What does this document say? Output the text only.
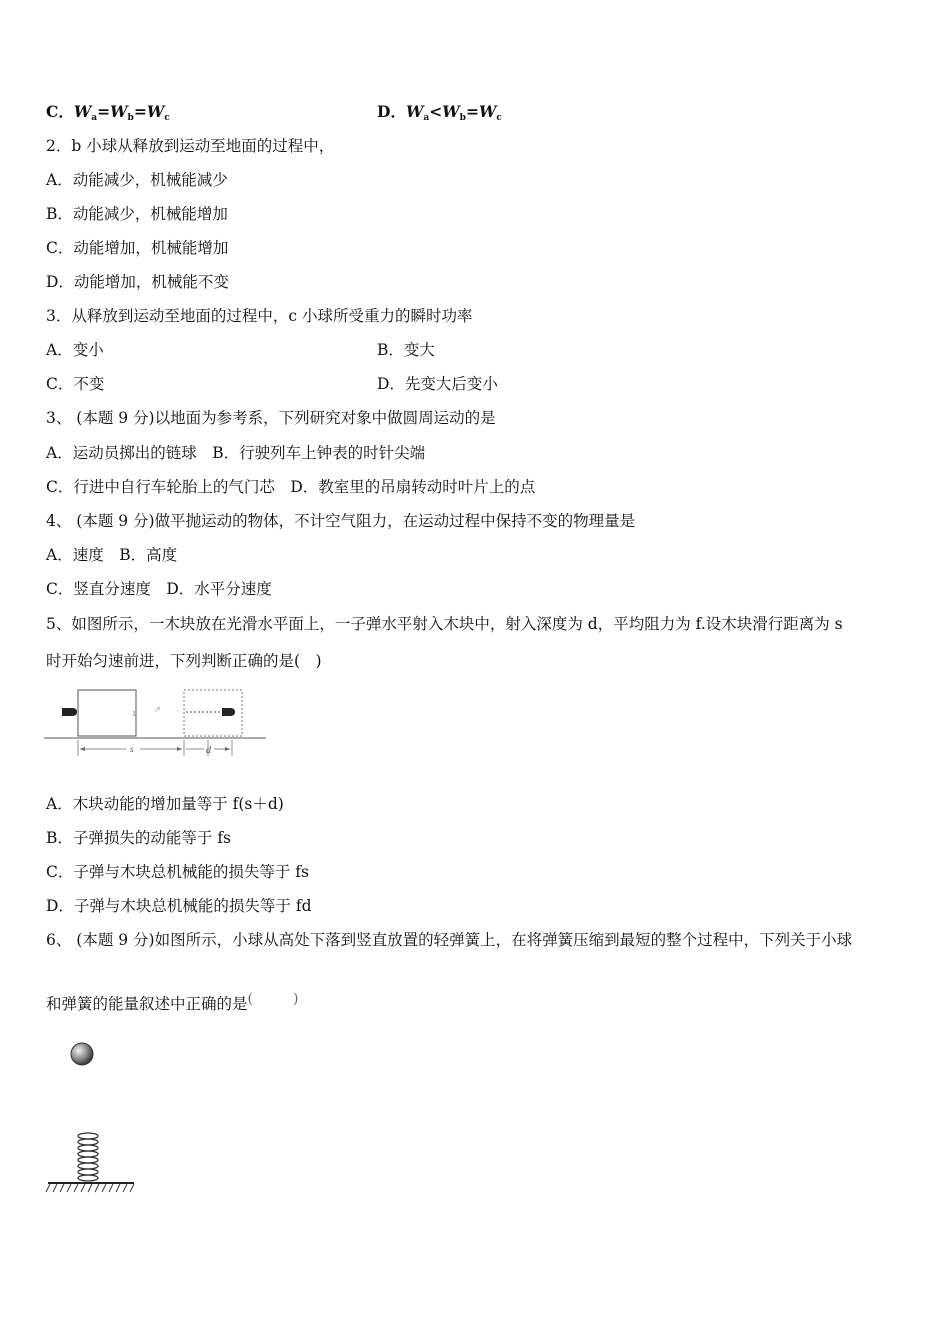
C．$W_a=W_b=W_c$	D．$W_a<W_b=W_c$
2．b 小球从释放到运动至地面的过程中，
A．动能减少，机械能减少
B．动能减少，机械能增加
C．动能增加，机械能增加
D．动能增加，机械能不变
3．从释放到运动至地面的过程中，c 小球所受重力的瞬时功率
A．变小	B．变大
C．不变	D．先变大后变小
3、 (本题 9 分)以地面为参考系，下列研究对象中做圆周运动的是
A．运动员掷出的链球　B．行驶列车上钟表的时针尖端
C．行进中自行车轮胎上的气门芯　D．教室里的吊扇转动时叶片上的点
4、 (本题 9 分)做平抛运动的物体，不计空气阻力，在运动过程中保持不变的物理量是
A．速度　B．高度
C．竖直分速度　D．水平分速度
5、如图所示，一木块放在光滑水平面上，一子弹水平射入木块中，射入深度为 d，平均阻力为 f.设木块滑行距离为 s
时开始匀速前进，下列判断正确的是(　)
1 ↗ ·
s	d
A．木块动能的增加量等于 f(s＋d)
B．子弹损失的动能等于 fs
C．子弹与木块总机械能的损失等于 fs
D．子弹与木块总机械能的损失等于 fd
6、 (本题 9 分)如图所示，小球从高处下落到竖直放置的轻弹簧上，在将弹簧压缩到最短的整个过程中，下列关于小球
和弹簧的能量叙述中正确的是(　　)
